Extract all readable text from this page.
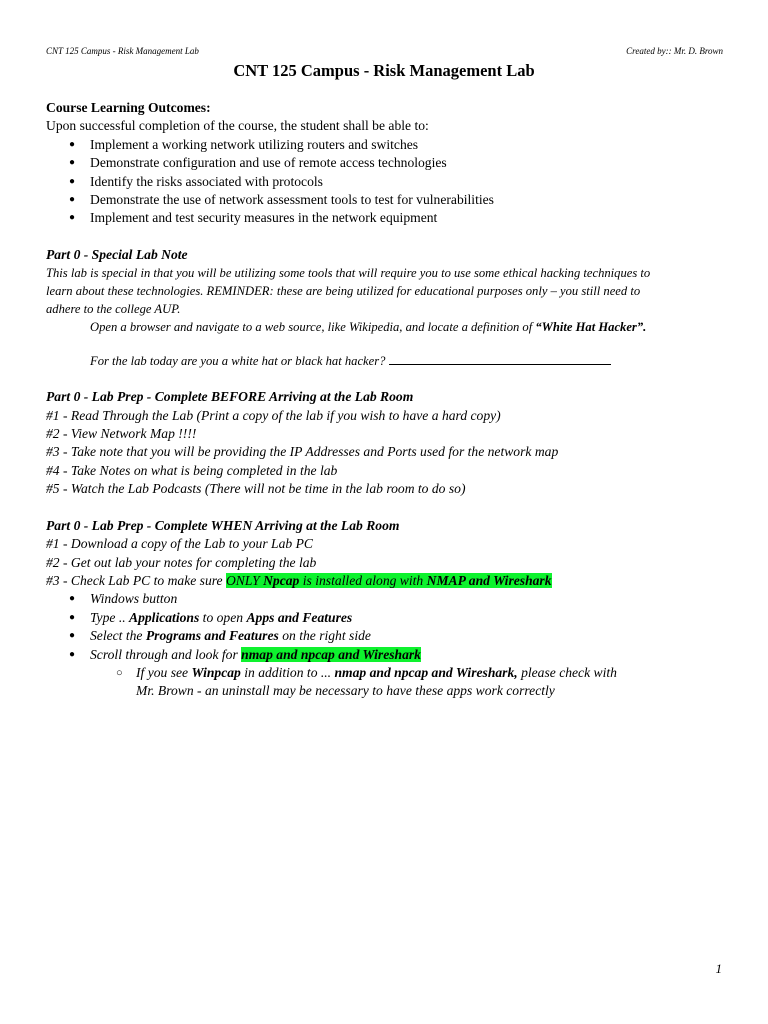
CNT 125 Campus - Risk Management Lab	Created by:: Mr. D. Brown
CNT 125 Campus - Risk Management Lab
Course Learning Outcomes:
Upon successful completion of the course, the student shall be able to:
● Implement a working network utilizing routers and switches
● Demonstrate configuration and use of remote access technologies
● Identify the risks associated with protocols
● Demonstrate the use of network assessment tools to test for vulnerabilities
● Implement and test security measures in the network equipment
Part 0 - Special Lab Note
This lab is special in that you will be utilizing some tools that will require you to use some ethical hacking techniques to
learn about these technologies. REMINDER: these are being utilized for educational purposes only – you still need to
adhere to the college AUP.
Open a browser and navigate to a web source, like Wikipedia, and locate a definition of “White Hat Hacker”.
For the lab today are you a white hat or black hat hacker?
Part 0 - Lab Prep - Complete BEFORE Arriving at the Lab Room
#1 - Read Through the Lab (Print a copy of the lab if you wish to have a hard copy)
#2 - View Network Map !!!!
#3 - Take note that you will be providing the IP Addresses and Ports used for the network map
#4 - Take Notes on what is being completed in the lab
#5 - Watch the Lab Podcasts (There will not be time in the lab room to do so)
Part 0 - Lab Prep - Complete WHEN Arriving at the Lab Room
#1 - Download a copy of the Lab to your Lab PC
#2 - Get out lab your notes for completing the lab
#3 - Check Lab PC to make sure ONLY Npcap is installed along with NMAP and Wireshark
● Windows button
● Type .. Applications to open Apps and Features
● Select the Programs and Features on the right side
● Scroll through and look for nmap and npcap and Wireshark
○ If you see Winpcap in addition to ... nmap and npcap and Wireshark, please check with
Mr. Brown - an uninstall may be necessary to have these apps work correctly
1
